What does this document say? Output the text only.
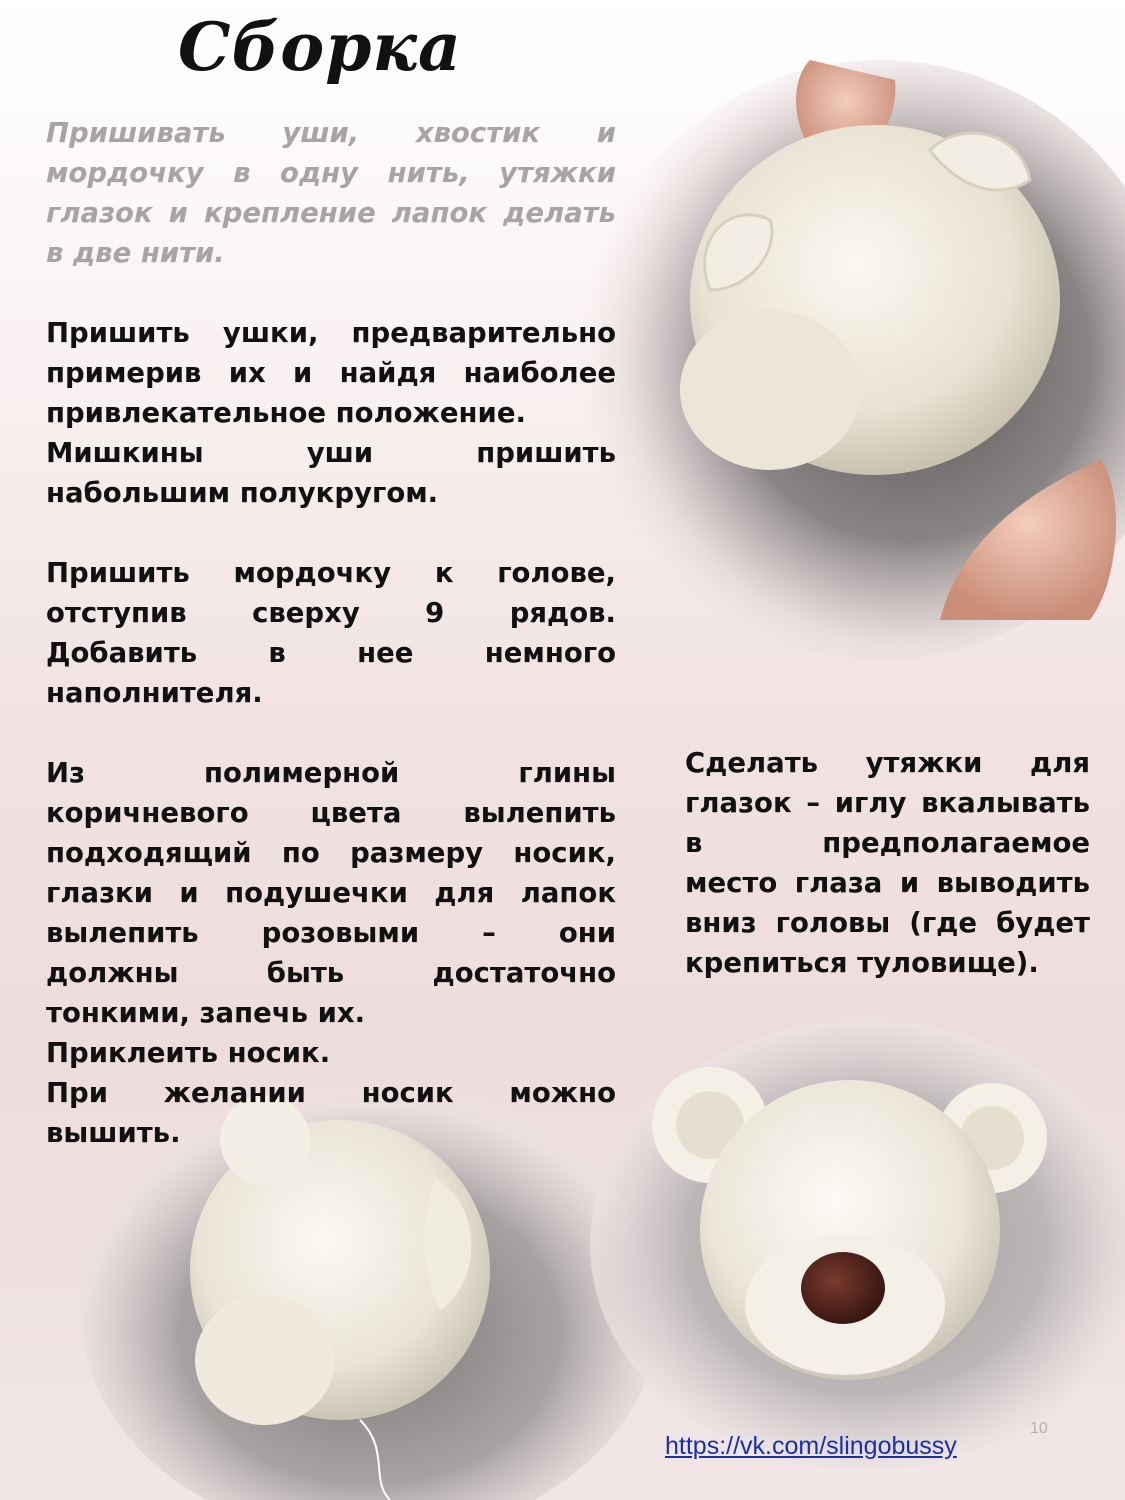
Сборка

Пришивать уши, хвостик и
мордочку в одну нить, утяжки
глазок и крепление лапок делать
в две нити.

Пришить ушки, предварительно
примерив их и найдя наиболее
привлекательное положение.
Мишкины уши пришить
набольшим полукругом.

Пришить мордочку к голове,
отступив сверху 9 рядов.
Добавить в нее немного
наполнителя.

Из полимерной глины
коричневого цвета вылепить
подходящий по размеру носик,
глазки и подушечки для лапок
вылепить розовыми – они
должны быть достаточно
тонкими, запечь их.
Приклеить носик.
При желании носик можно
вышить.

Сделать утяжки для
глазок – иглу вкалывать
в предполагаемое
место глаза и выводить
вниз головы (где будет
крепиться туловище).

10
https://vk.com/slingobussy
